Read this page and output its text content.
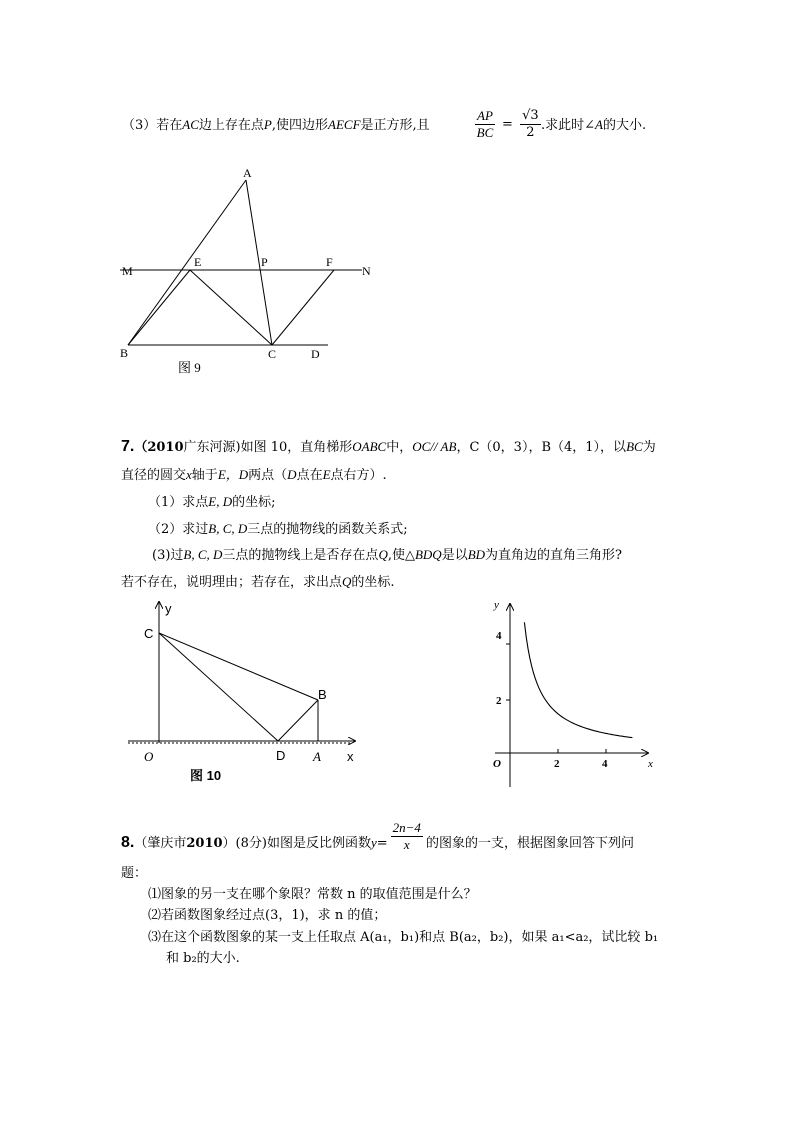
（3）若在AC边上存在点P,使四边形AECF是正方形,且	$\frac{AP}{BC} = \frac{√3}{2}$ .求此时∠A的大小.
A
M
E	P	F
N
B	C	D
图 9
7.（2010广东河源)如图 10，直角梯形OABC中，OC// AB，C（0，3），B（4，1），以BC为
直径的圆交x轴于E，D两点（D点在E点右方）.
（1）求点E, D的坐标;
（2）求过B, C, D三点的抛物线的函数关系式;
(3)过B, C, D三点的抛物线上是否存在点Q,使△BDQ是以BD为直角边的直角三角形?
若不存在，说明理由；若存在，求出点Q的坐标.
y
C
B
O	D A x
图 10
y
4
2
O	2	4	x
8.（肇庆市2010）(8分)如图是反比例函数$y= \frac{2n-4}{x}$ 的图象的一支，根据图象回答下列问
题：
⑴图象的另一支在哪个象限？常数 n 的取值范围是什么？
⑵若函数图象经过点(3，1)，求 n 的值；
⑶在这个函数图象的某一支上任取点 A(a₁，b₁)和点 B(a₂，b₂)，如果 a₁<a₂，试比较 b₁
和 b₂的大小.
